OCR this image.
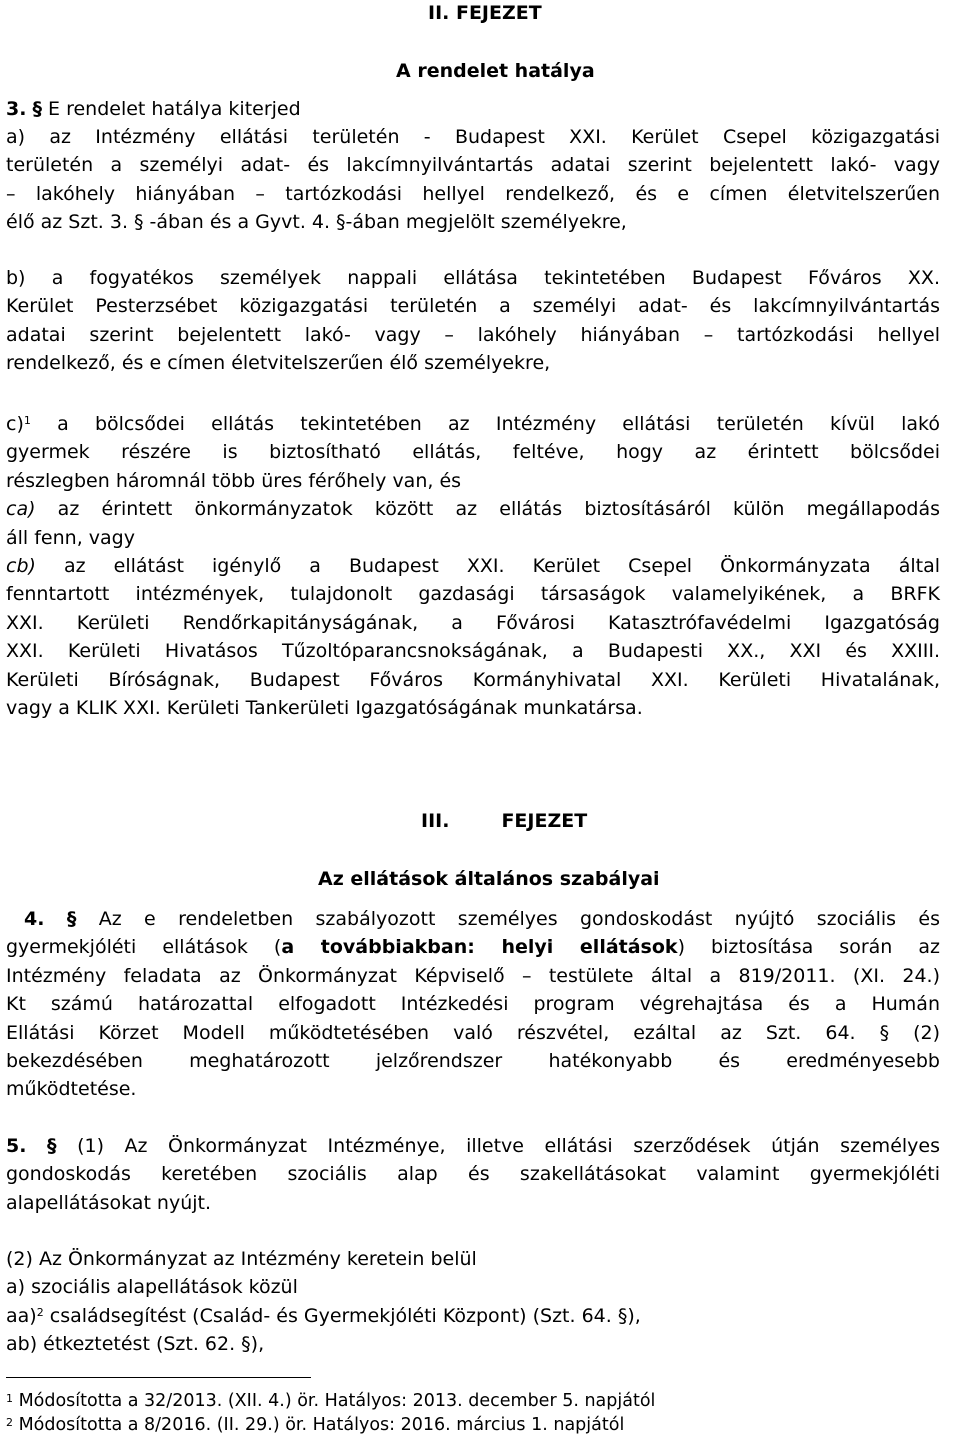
II. FEJEZET

A rendelet hatálya

3. § E rendelet hatálya kiterjed

a) az Intézmény ellátási területén - Budapest XXI. Kerület Csepel közigazgatási
területén a személyi adat- és lakcímnyilvántartás adatai szerint bejelentett lakó- vagy
– lakóhely hiányában – tartózkodási hellyel rendelkező, és e címen életvitelszerűen
élő az Szt. 3. § -ában és a Gyvt. 4. §-ában megjelölt személyekre,
b) a fogyatékos személyek nappali ellátása tekintetében Budapest Főváros XX.
Kerület Pesterzsébet közigazgatási területén a személyi adat- és lakcímnyilvántartás
adatai szerint bejelentett lakó- vagy – lakóhely hiányában – tartózkodási hellyel
rendelkező, és e címen életvitelszerűen élő személyekre,
c)$^1$ a bölcsődei ellátás tekintetében az Intézmény ellátási területén kívül lakó
gyermek részére is biztosítható ellátás, feltéve, hogy az érintett bölcsődei
részlegben háromnál több üres férőhely van, és
ca) az érintett önkormányzatok között az ellátás biztosításáról külön megállapodás
áll fenn, vagy
cb) az ellátást igénylő a Budapest XXI. Kerület Csepel Önkormányzata által
fenntartott intézmények, tulajdonolt gazdasági társaságok valamelyikének, a BRFK
XXI. Kerületi Rendőrkapitányságának, a Fővárosi Katasztrófavédelmi Igazgatóság
XXI. Kerületi Hivatásos Tűzoltóparancsnokságának, a Budapesti XX., XXI és XXIII.
Kerületi Bíróságnak, Budapest Főváros Kormányhivatal XXI. Kerületi Hivatalának,
vagy a KLIK XXI. Kerületi Tankerületi Igazgatóságának munkatársa.

III.	FEJEZET

Az ellátások általános szabályai

4. § Az e rendeletben szabályozott személyes gondoskodást nyújtó szociális és
gyermekjóléti ellátások (a továbbiakban: helyi ellátások) biztosítása során az
Intézmény feladata az Önkormányzat Képviselő – testülete által a 819/2011. (XI. 24.)
Kt számú határozattal elfogadott Intézkedési program végrehajtása és a Humán
Ellátási Körzet Modell működtetésében való részvétel, ezáltal az Szt. 64. § (2)
bekezdésében meghatározott jelzőrendszer hatékonyabb és eredményesebb
működtetése.
5. § (1) Az Önkormányzat Intézménye, illetve ellátási szerződések útján személyes
gondoskodás keretében szociális alap és szakellátásokat valamint gyermekjóléti
alapellátásokat nyújt.
(2) Az Önkormányzat az Intézmény keretein belül
a) szociális alapellátások közül
aa)$^2$ családsegítést (Család- és Gyermekjóléti Központ) (Szt. 64. §),
ab) étkeztetést (Szt. 62. §),

$^1$ Módosította a 32/2013. (XII. 4.) ör. Hatályos: 2013. december 5. napjától

$^2$ Módosította a 8/2016. (II. 29.) ör. Hatályos: 2016. március 1. napjától
